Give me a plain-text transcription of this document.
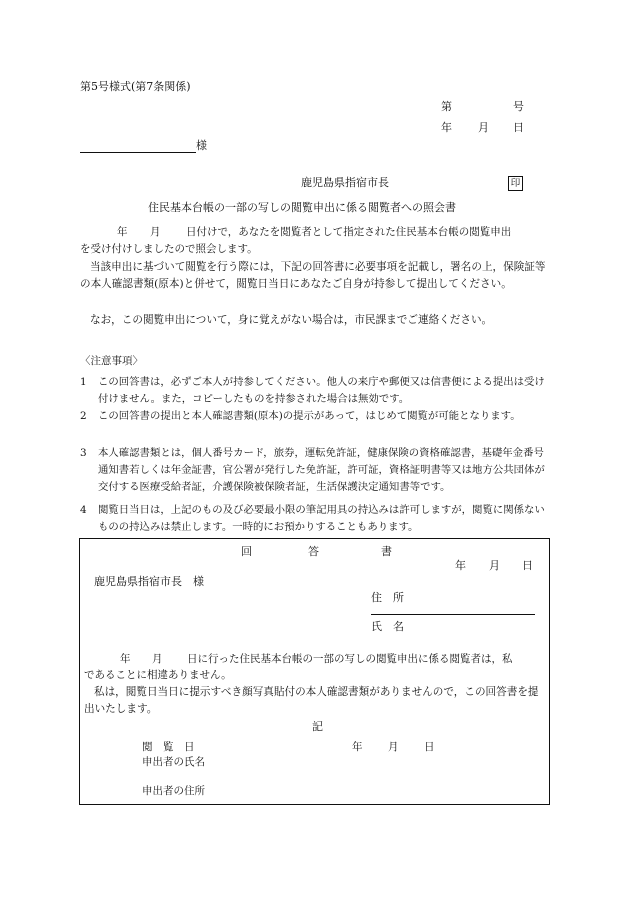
第5号様式(第7条関係)
第	号
年 月 日
様
鹿児島県指宿市長	印
住民基本台帳の一部の写しの閲覧申出に係る閲覧者への照会書
年 月 日付けで，あなたを閲覧者として指定された住民基本台帳の閲覧申出
を受け付けしましたので照会します。
当該申出に基づいて閲覧を行う際には，下記の回答書に必要事項を記載し，署名の上，保険証等の本人確認書類(原本)と併せて，閲覧日当日にあなたご自身が持参して提出してください。
なお，この閲覧申出について，身に覚えがない場合は，市民課までご連絡ください。
〈注意事項〉
1	この回答書は，必ずご本人が持参してください。他人の来庁や郵便又は信書便による提出は受け付けません。また，コピーしたものを持参された場合は無効です。
2	この回答書の提出と本人確認書類(原本)の提示があって，はじめて閲覧が可能となります。
3	本人確認書類とは，個人番号カード，旅券，運転免許証，健康保険の資格確認書，基礎年金番号通知書若しくは年金証書，官公署が発行した免許証，許可証，資格証明書等又は地方公共団体が交付する医療受給者証，介護保険被保険者証，生活保護決定通知書等です。
4	閲覧日当日は，上記のもの及び必要最小限の筆記用具の持込みは許可しますが，閲覧に関係ないものの持込みは禁止します。一時的にお預かりすることもあります。
回	答	書
年 月 日
鹿児島県指宿市長　様
住　所
氏　名
年 月 日に行った住民基本台帳の一部の写しの閲覧申出に係る閲覧者は，私
であることに相違ありません。
私は，閲覧日当日に提示すべき顔写真貼付の本人確認書類がありませんので，この回答書を提出いたします。
記
閲　覧　日	年 月 日
申出者の氏名
申出者の住所
